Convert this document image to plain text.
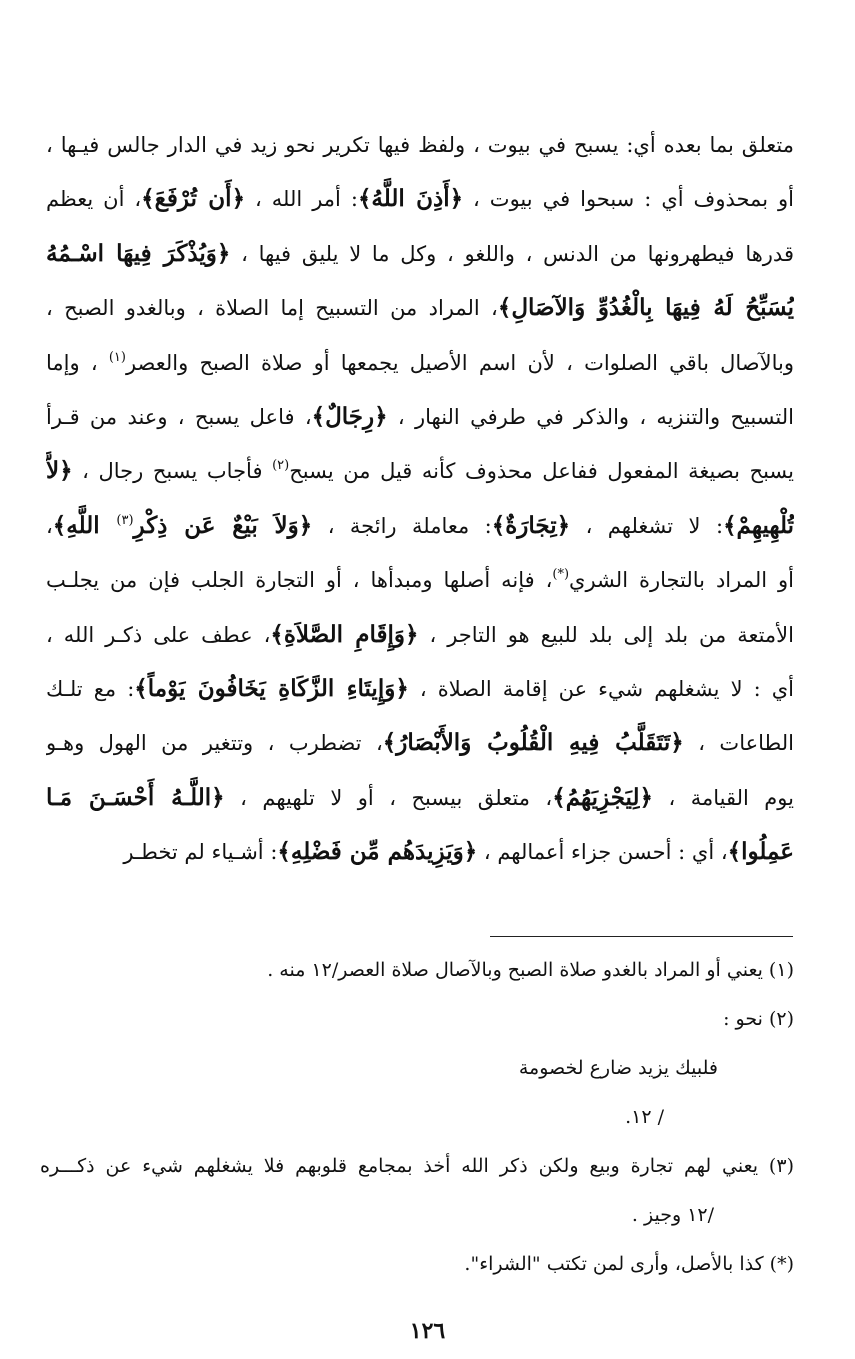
متعلق بما بعده أي: يسبح في بيوت ، ولفظ فيها تكرير نحو زيد في الدار جالس فيـها ،
أو بمحذوف أي : سبحوا في بيوت ، ﴿أَذِنَ اللَّهُ﴾: أمر الله ، ﴿أَن تُرْفَعَ﴾، أن يعظم
قدرها فيطهرونها من الدنس ، واللغو ، وكل ما لا يليق فيها ، ﴿وَيُذْكَرَ فِيهَا اسْـمُهُ
يُسَبِّحُ لَهُ فِيهَا بِالْغُدُوِّ وَالآصَالِ﴾، المراد من التسبيح إما الصلاة ، وبالغدو الصبح ،
وبالآصال باقي الصلوات ، لأن اسم الأصيل يجمعها أو صلاة الصبح والعصر$^{(١)}$ ، وإما
التسبيح والتنزيه ، والذكر في طرفي النهار ، ﴿رِجَالٌ﴾، فاعل يسبح ، وعند من قـرأ
يسبح بصيغة المفعول ففاعل محذوف كأنه قيل من يسبح$^{(٢)}$ فأجاب يسبح رجال ، ﴿لاَّ
تُلْهِيهِمْ﴾: لا تشغلهم ، ﴿تِجَارَةٌ﴾: معاملة رائجة ، ﴿وَلاَ بَيْعٌ عَن ذِكْرِ$^{(٣)}$ اللَّهِ﴾،
أو المراد بالتجارة الشري(*)، فإنه أصلها ومبدأها ، أو التجارة الجلب فإن من يجلـب
الأمتعة من بلد إلى بلد للبيع هو التاجر ، ﴿وَإِقَامِ الصَّلاَةِ﴾، عطف على ذكـر الله ،
أي : لا يشغلهم شيء عن إقامة الصلاة ، ﴿وَإِيتَاءِ الزَّكَاةِ يَخَافُونَ يَوْماً﴾: مع تلـك
الطاعات ، ﴿تَتَقَلَّبُ فِيهِ الْقُلُوبُ وَالأَبْصَارُ﴾، تضطرب ، وتتغير من الهول وهـو
يوم القيامة ، ﴿لِيَجْزِيَهُمُ﴾، متعلق بيسبح ، أو لا تلهيهم ، ﴿اللَّـهُ أَحْسَـنَ مَـا
عَمِلُوا﴾، أي : أحسن جزاء أعمالهم ، ﴿وَيَزِيدَهُم مِّن فَضْلِهِ﴾: أشـياء لم تخطـر
(١) يعني أو المراد بالغدو صلاة الصبح وبالآصال صلاة العصر/١٢ منه .
(٢) نحو :
فلبيك يزيد ضارع لخصومة
/ ١٢.
(٣) يعني لهم تجارة وبيع ولكن ذكر الله أخذ بمجامع قلوبهم فلا يشغلهم شيء عن ذكـــره
/١٢ وجيز .
(*) كذا بالأصل، وأرى لمن تكتب "الشراء".
١٢٦
